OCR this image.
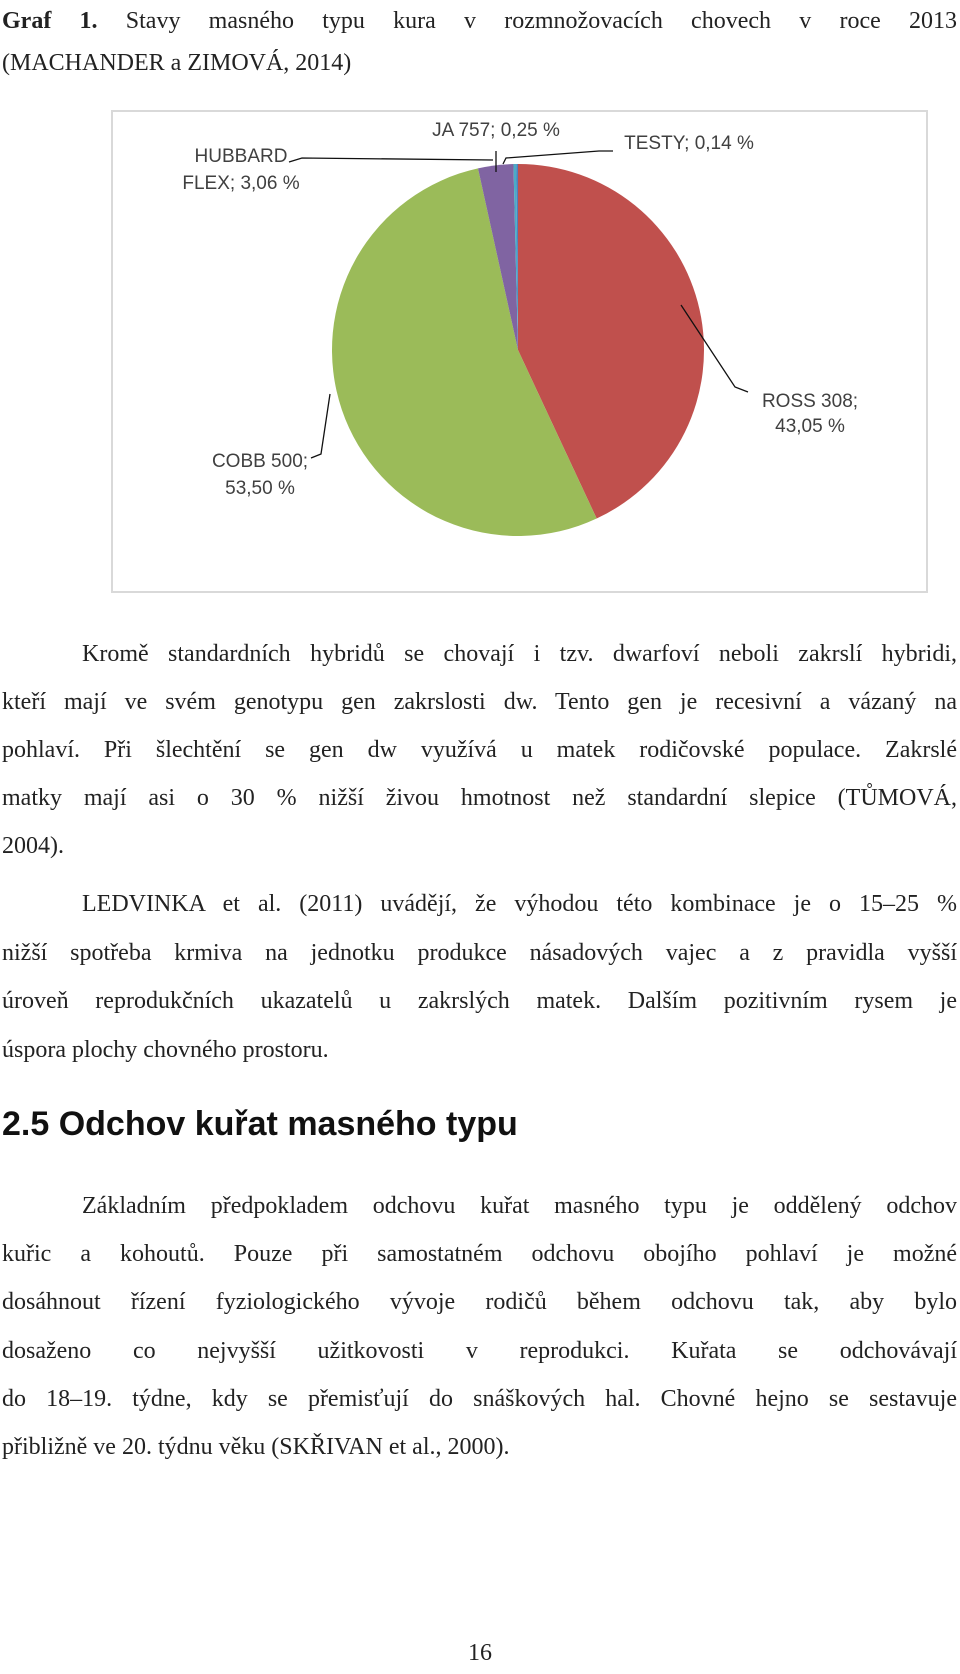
Graf 1. Stavy masného typu kura v rozmnožovacích chovech v roce 2013
(MACHANDER a ZIMOVÁ, 2014)
ROSS 308;
43,05 %
COBB 500;
53,50 %
HUBBARD
FLEX; 3,06 %
JA 757; 0,25 %
TESTY; 0,14 %
Kromě standardních hybridů se chovají i tzv. dwarfoví neboli zakrslí hybridi,
kteří mají ve svém genotypu gen zakrslosti dw. Tento gen je recesivní a vázaný na
pohlaví. Při šlechtění se gen dw využívá u matek rodičovské populace. Zakrslé
matky mají asi o 30 % nižší živou hmotnost než standardní slepice (TŮMOVÁ,
2004).
LEDVINKA et al. (2011) uvádějí, že výhodou této kombinace je o 15–25 %
nižší spotřeba krmiva na jednotku produkce násadových vajec a z pravidla vyšší
úroveň reprodukčních ukazatelů u zakrslých matek. Dalším pozitivním rysem je
úspora plochy chovného prostoru.
2.5 Odchov kuřat masného typu
Základním předpokladem odchovu kuřat masného typu je oddělený odchov
kuřic a kohoutů. Pouze při samostatném odchovu obojího pohlaví je možné
dosáhnout řízení fyziologického vývoje rodičů během odchovu tak, aby bylo
dosaženo co nejvyšší užitkovosti v reprodukci. Kuřata se odchovávají
do 18–19. týdne, kdy se přemisťují do snáškových hal. Chovné hejno se sestavuje
přibližně ve 20. týdnu věku (SKŘIVAN et al., 2000).
16
